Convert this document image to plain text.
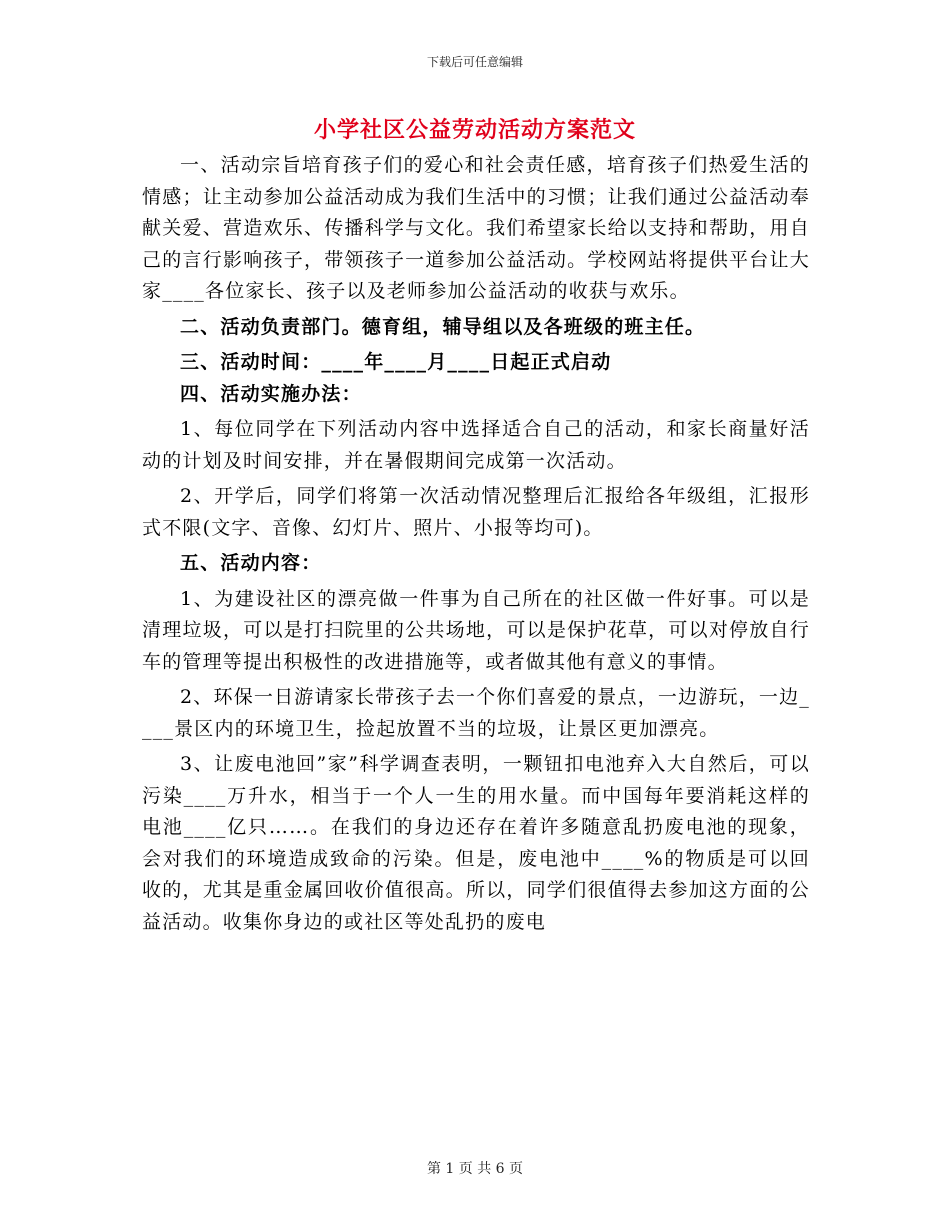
下载后可任意编辑
小学社区公益劳动活动方案范文

一、活动宗旨培育孩子们的爱心和社会责任感，培育孩子们热爱生活的情感；让主动参加公益活动成为我们生活中的习惯；让我们通过公益活动奉献关爱、营造欢乐、传播科学与文化。我们希望家长给以支持和帮助，用自己的言行影响孩子，带领孩子一道参加公益活动。学校网站将提供平台让大家____各位家长、孩子以及老师参加公益活动的收获与欢乐。

二、活动负责部门。德育组，辅导组以及各班级的班主任。

三、活动时间：____年____月____日起正式启动

四、活动实施办法：

1、每位同学在下列活动内容中选择适合自己的活动，和家长商量好活动的计划及时间安排，并在暑假期间完成第一次活动。

2、开学后，同学们将第一次活动情况整理后汇报给各年级组，汇报形式不限(文字、音像、幻灯片、照片、小报等均可)。

五、活动内容：

1、为建设社区的漂亮做一件事为自己所在的社区做一件好事。可以是清理垃圾，可以是打扫院里的公共场地，可以是保护花草，可以对停放自行车的管理等提出积极性的改进措施等，或者做其他有意义的事情。

2、环保一日游请家长带孩子去一个你们喜爱的景点，一边游玩，一边____景区内的环境卫生，捡起放置不当的垃圾，让景区更加漂亮。

3、让废电池回”家”科学调查表明，一颗钮扣电池弃入大自然后，可以污染____万升水，相当于一个人一生的用水量。而中国每年要消耗这样的电池____亿只……。在我们的身边还存在着许多随意乱扔废电池的现象，会对我们的环境造成致命的污染。但是，废电池中____%的物质是可以回收的，尤其是重金属回收价值很高。所以，同学们很值得去参加这方面的公益活动。收集你身边的或社区等处乱扔的废电

第 1 页 共 6 页
